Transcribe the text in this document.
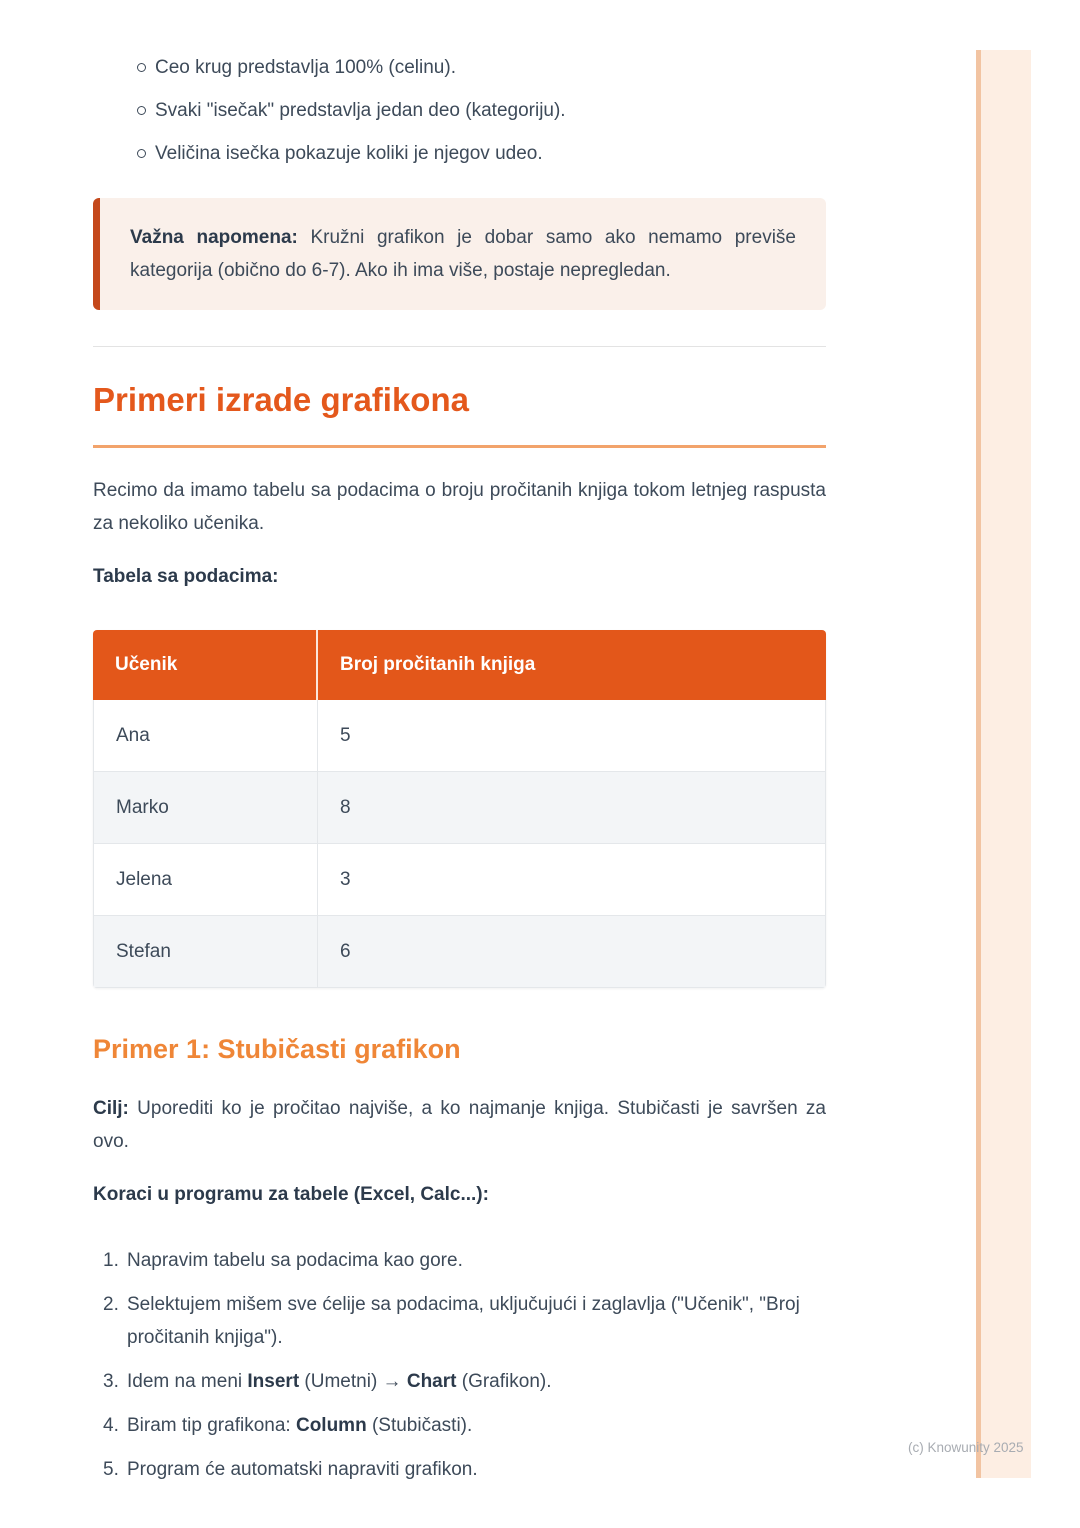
Ceo krug predstavlja 100% (celinu).
Svaki "isečak" predstavlja jedan deo (kategoriju).
Veličina isečka pokazuje koliki je njegov udeo.
Važna napomena: Kružni grafikon je dobar samo ako nemamo previše kategorija (obično do 6-7). Ako ih ima više, postaje nepregledan.
Primeri izrade grafikona

Recimo da imamo tabelu sa podacima o broju pročitanih knjiga tokom letnjeg raspusta za nekoliko učenika.

Tabela sa podacima:
Učenik	Broj pročitanih knjiga
Ana	5
Marko	8
Jelena	3
Stefan	6
Primer 1: Stubičasti grafikon

Cilj: Uporediti ko je pročitao najviše, a ko najmanje knjiga. Stubičasti je savršen za ovo.

Koraci u programu za tabele (Excel, Calc...):
Napravim tabelu sa podacima kao gore.
Selektujem mišem sve ćelije sa podacima, uključujući i zaglavlja ("Učenik", "Broj pročitanih knjiga").
Idem na meni Insert (Umetni) → Chart (Grafikon).
Biram tip grafikona: Column (Stubičasti).
Program će automatski napraviti grafikon.
(c) Knowunity 2025
